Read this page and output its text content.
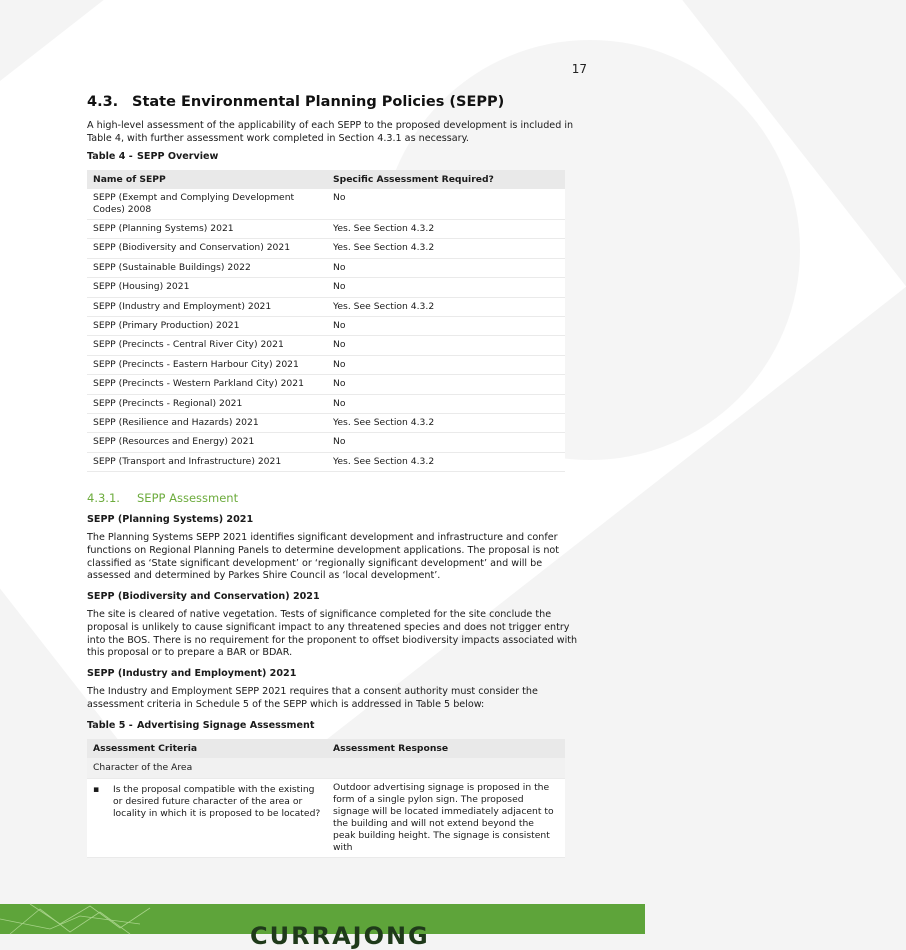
17
4.3. State Environmental Planning Policies (SEPP)

A high-level assessment of the applicability of each SEPP to the proposed development is included in Table 4, with further assessment work completed in Section 4.3.1 as necessary.

Table 4 - SEPP Overview
Name of SEPP	Specific Assessment Required?
SEPP (Exempt and Complying Development Codes) 2008	No
SEPP (Planning Systems) 2021	Yes. See Section 4.3.2
SEPP (Biodiversity and Conservation) 2021	Yes. See Section 4.3.2
SEPP (Sustainable Buildings) 2022	No
SEPP (Housing) 2021	No
SEPP (Industry and Employment) 2021	Yes. See Section 4.3.2
SEPP (Primary Production) 2021	No
SEPP (Precincts - Central River City) 2021	No
SEPP (Precincts - Eastern Harbour City) 2021	No
SEPP (Precincts - Western Parkland City) 2021	No
SEPP (Precincts - Regional) 2021	No
SEPP (Resilience and Hazards) 2021	Yes. See Section 4.3.2
SEPP (Resources and Energy) 2021	No
SEPP (Transport and Infrastructure) 2021	Yes. See Section 4.3.2
4.3.1. SEPP Assessment
SEPP (Planning Systems) 2021

The Planning Systems SEPP 2021 identifies significant development and infrastructure and confer functions on Regional Planning Panels to determine development applications. The proposal is not classified as ‘State significant development’ or ‘regionally significant development’ and will be assessed and determined by Parkes Shire Council as ‘local development’.

SEPP (Biodiversity and Conservation) 2021

The site is cleared of native vegetation. Tests of significance completed for the site conclude the proposal is unlikely to cause significant impact to any threatened species and does not trigger entry into the BOS. There is no requirement for the proponent to offset biodiversity impacts associated with this proposal or to prepare a BAR or BDAR.

SEPP (Industry and Employment) 2021

The Industry and Employment SEPP 2021 requires that a consent authority must consider the assessment criteria in Schedule 5 of the SEPP which is addressed in Table 5 below:

Table 5 - Advertising Signage Assessment
Assessment Criteria	Assessment Response
Character of the Area	

▪ Is the proposal compatible with the existing or desired future character of the area or locality in which it is proposed to be located?	Outdoor advertising signage is proposed in the form of a single pylon sign. The proposed signage will be located immediately adjacent to the building and will not extend beyond the peak building height. The signage is consistent with
CURRAJONG
